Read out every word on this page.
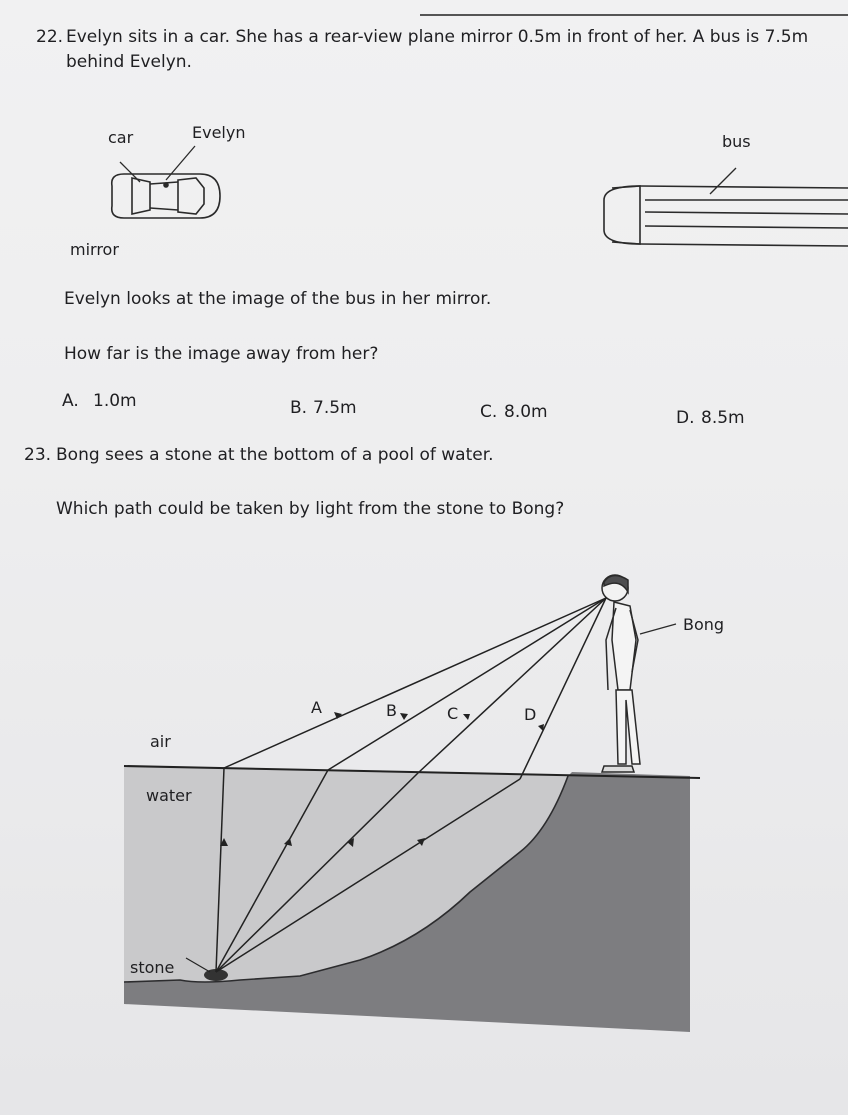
22. Evelyn sits in a car. She has a rear-view plane mirror 0.5m in front of her. A bus is 7.5m
behind Evelyn.
car	Evelyn	bus
mirror
Evelyn looks at the image of the bus in her mirror.
How far is the image away from her?
A. 1.0m	B. 7.5m	C. 8.0m	D. 8.5m
23. Bong sees a stone at the bottom of a pool of water.
Which path could be taken by light from the stone to Bong?
Bong
air
water
stone
A	B	C	D
